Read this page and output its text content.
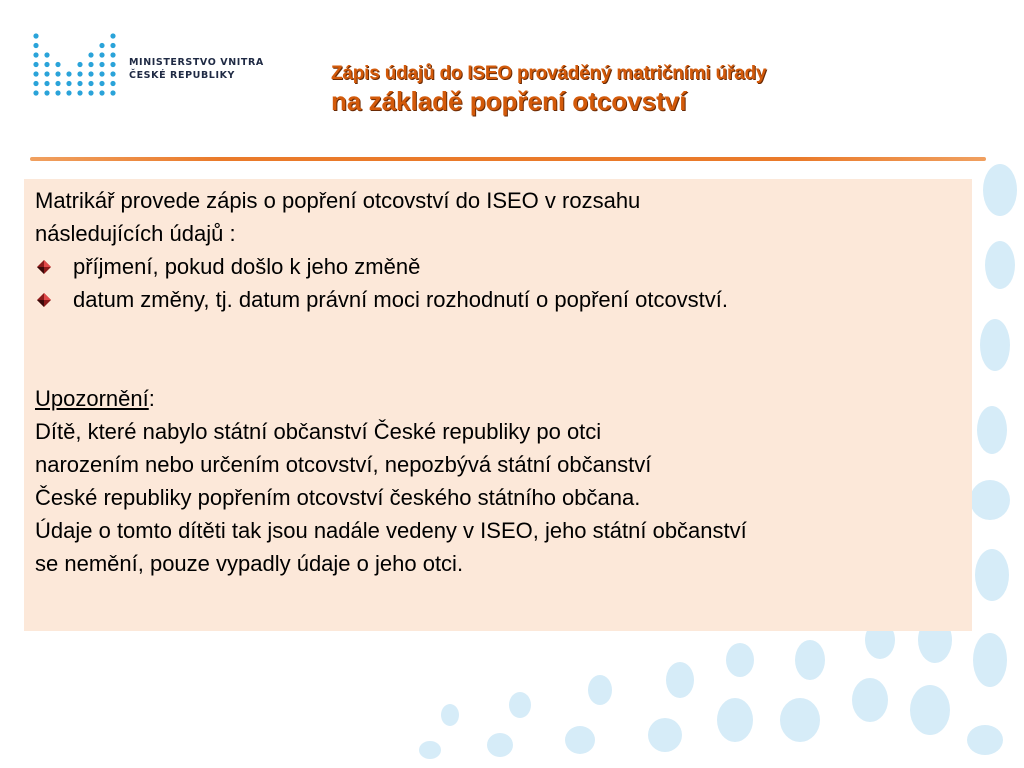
MINISTERSTVO VNITRA
ČESKÉ REPUBLIKY	Zápis údajů do ISEO prováděný matričními úřady
na základě popření otcovství

Matrikář provede zápis o popření otcovství do ISEO v rozsahu

následujících údajů :

příjmení, pokud došlo k jeho změně
datum změny, tj. datum právní moci rozhodnutí o popření otcovství.

Upozornění:

Dítě, které nabylo státní občanství České republiky po otci

narozením nebo určením otcovství, nepozbývá státní občanství

České republiky popřením otcovství českého státního občana.

Údaje o tomto dítěti tak jsou nadále vedeny v ISEO, jeho státní občanství

se nemění, pouze vypadly údaje o jeho otci.
